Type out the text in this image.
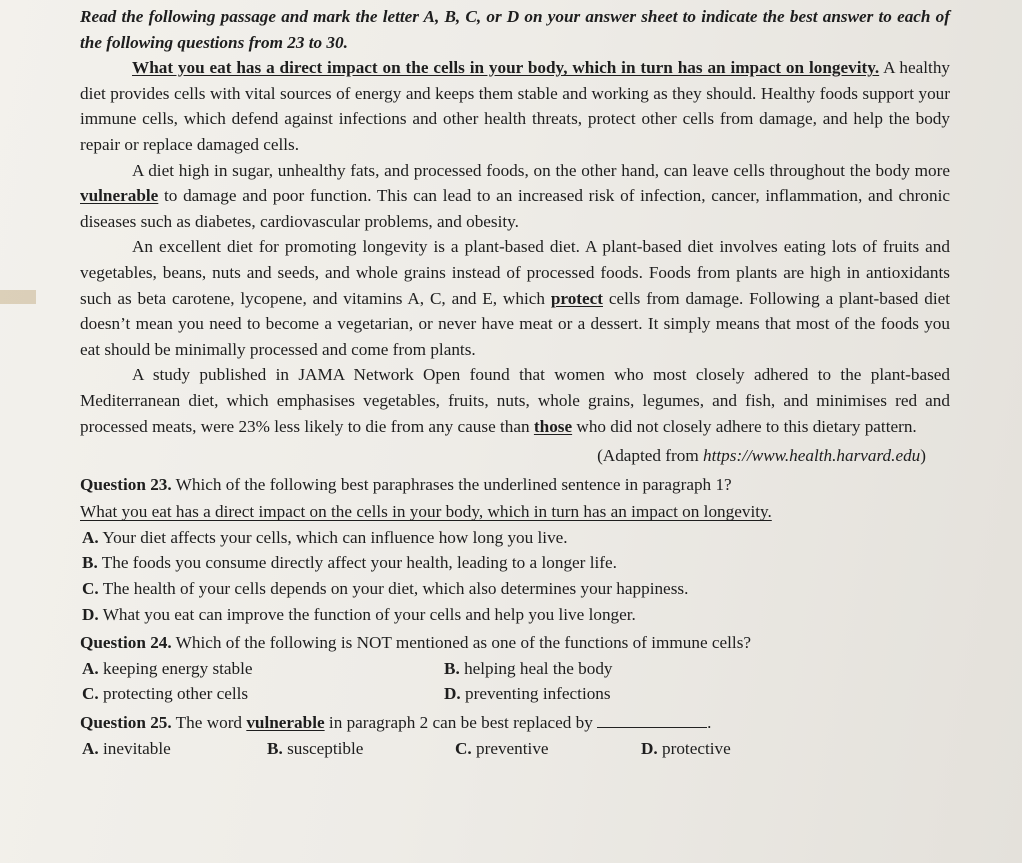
Read the following passage and mark the letter A, B, C, or D on your answer sheet to indicate the best answer to each of the following questions from 23 to 30.

What you eat has a direct impact on the cells in your body, which in turn has an impact on longevity. A healthy diet provides cells with vital sources of energy and keeps them stable and working as they should. Healthy foods support your immune cells, which defend against infections and other health threats, protect other cells from damage, and help the body repair or replace damaged cells.

A diet high in sugar, unhealthy fats, and processed foods, on the other hand, can leave cells throughout the body more vulnerable to damage and poor function. This can lead to an increased risk of infection, cancer, inflammation, and chronic diseases such as diabetes, cardiovascular problems, and obesity.

An excellent diet for promoting longevity is a plant-based diet. A plant-based diet involves eating lots of fruits and vegetables, beans, nuts and seeds, and whole grains instead of processed foods. Foods from plants are high in antioxidants such as beta carotene, lycopene, and vitamins A, C, and E, which protect cells from damage. Following a plant-based diet doesn’t mean you need to become a vegetarian, or never have meat or a dessert. It simply means that most of the foods you eat should be minimally processed and come from plants.

A study published in JAMA Network Open found that women who most closely adhered to the plant-based Mediterranean diet, which emphasises vegetables, fruits, nuts, whole grains, legumes, and fish, and minimises red and processed meats, were 23% less likely to die from any cause than those who did not closely adhere to this dietary pattern.

(Adapted from https://www.health.harvard.edu)

Question 23. Which of the following best paraphrases the underlined sentence in paragraph 1?

What you eat has a direct impact on the cells in your body, which in turn has an impact on longevity.

A. Your diet affects your cells, which can influence how long you live.

B. The foods you consume directly affect your health, leading to a longer life.

C. The health of your cells depends on your diet, which also determines your happiness.

D. What you eat can improve the function of your cells and help you live longer.

Question 24. Which of the following is NOT mentioned as one of the functions of immune cells?

A. keeping energy stable	B. helping heal the body

C. protecting other cells	D. preventing infections

Question 25. The word vulnerable in paragraph 2 can be best replaced by	.

A. inevitable	B. susceptible	C. preventive	D. protective
